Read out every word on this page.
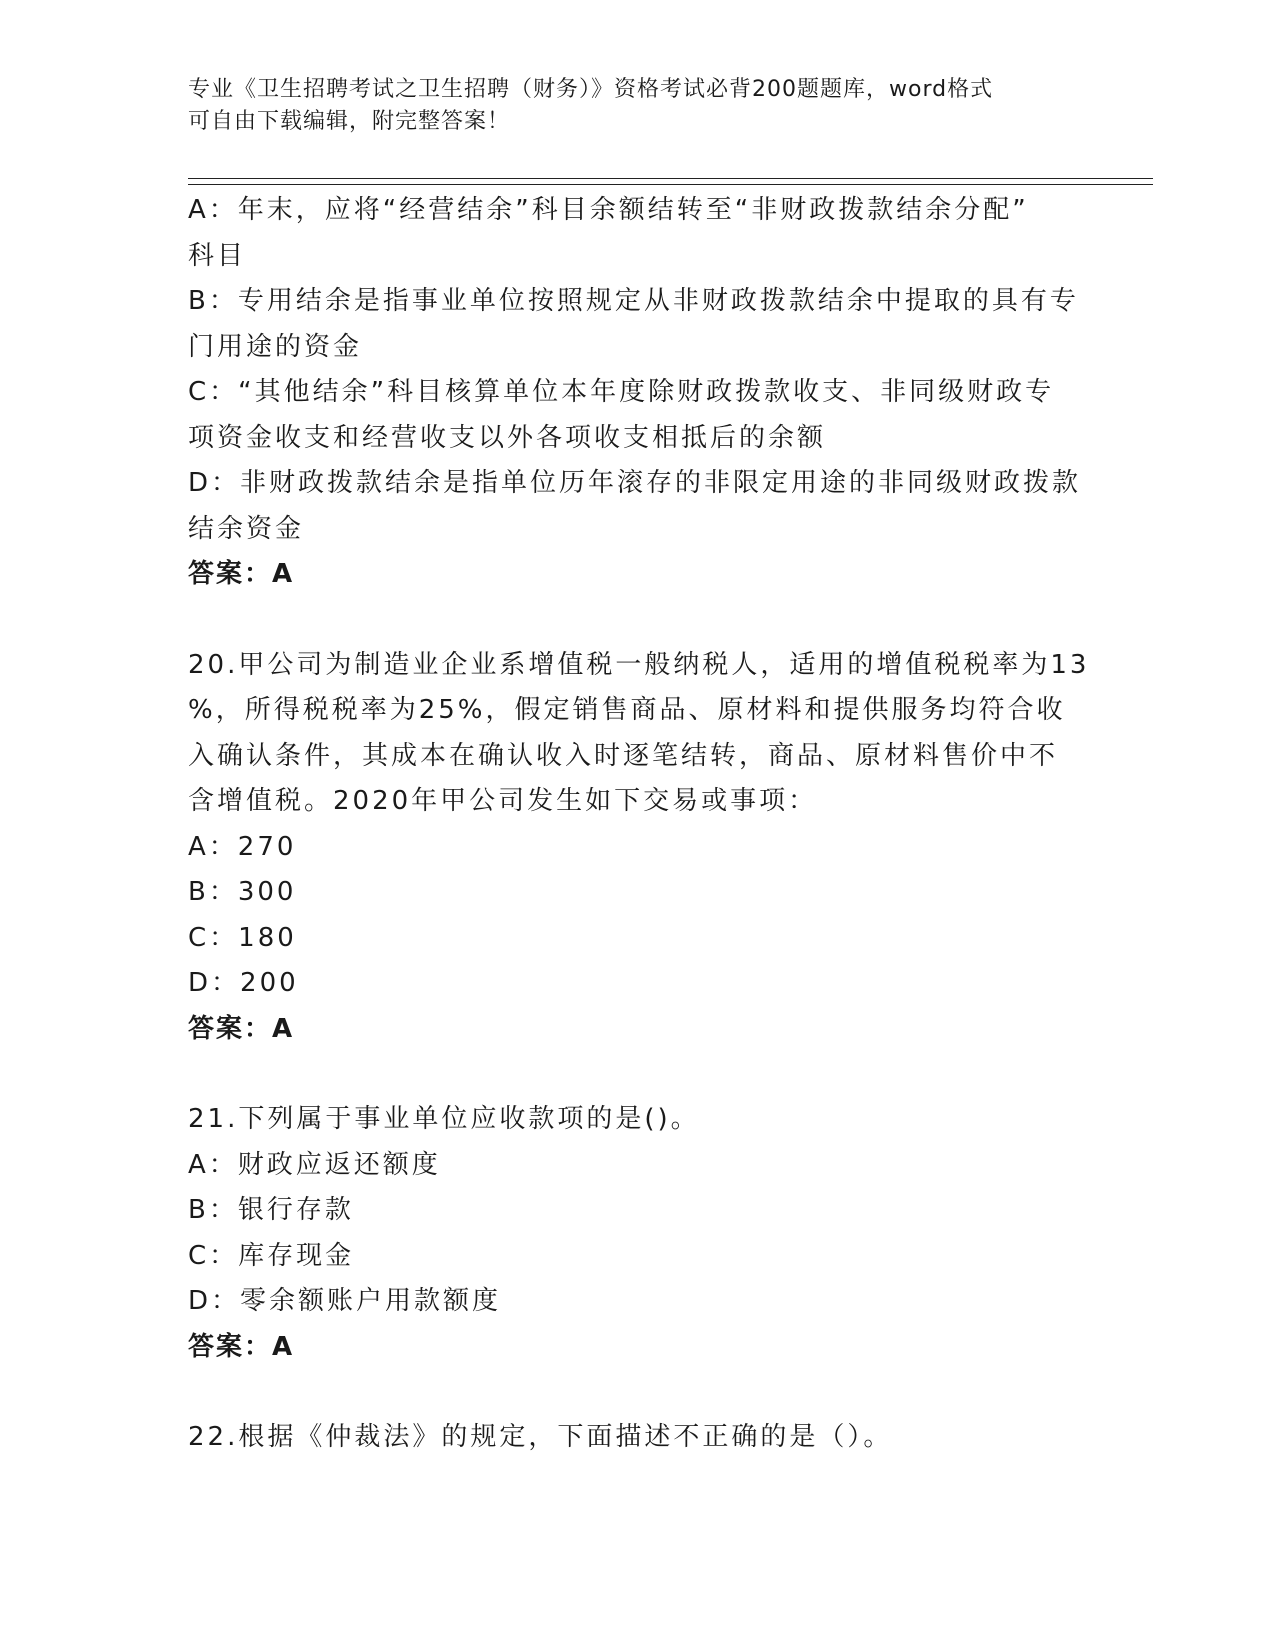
专业《卫生招聘考试之卫生招聘（财务）》资格考试必背200题题库，word格式
可自由下载编辑，附完整答案！
A：年末，应将“经营结余”科目余额结转至“非财政拨款结余分配”
科目
B：专用结余是指事业单位按照规定从非财政拨款结余中提取的具有专
门用途的资金
C：“其他结余”科目核算单位本年度除财政拨款收支、非同级财政专
项资金收支和经营收支以外各项收支相抵后的余额
D：非财政拨款结余是指单位历年滚存的非限定用途的非同级财政拨款
结余资金
答案：A
20.甲公司为制造业企业系增值税一般纳税人，适用的增值税税率为13
%，所得税税率为25%，假定销售商品、原材料和提供服务均符合收
入确认条件，其成本在确认收入时逐笔结转，商品、原材料售价中不
含增值税。2020年甲公司发生如下交易或事项：
A：270
B：300
C：180
D：200
答案：A
21.下列属于事业单位应收款项的是()。
A：财政应返还额度
B：银行存款
C：库存现金
D：零余额账户用款额度
答案：A
22.根据《仲裁法》的规定，下面描述不正确的是（）。
